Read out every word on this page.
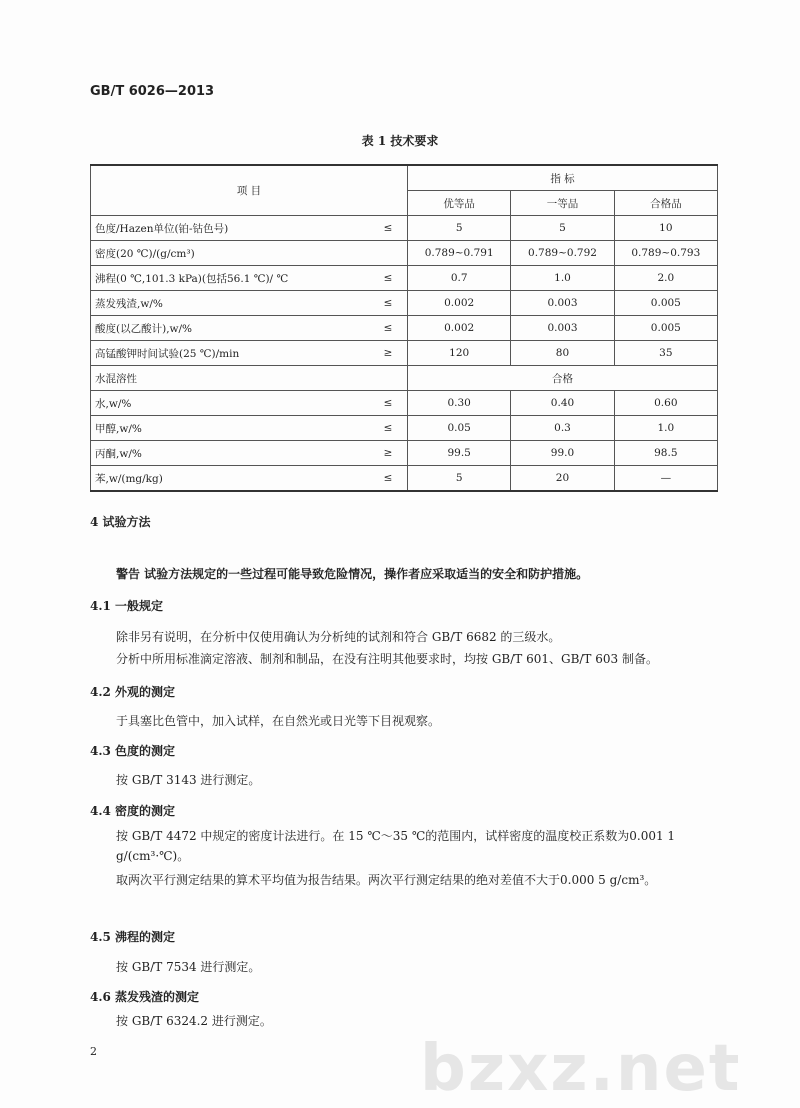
GB/T 6026—2013
bzxz.net
表 1 技术要求
项 目		指 标		
		优等品	一等品	合格品
色度/Hazen单位(铂-钴色号)	≤	5	5	10
密度(20 ℃)/(g/cm³)		0.789~0.791	0.789~0.792	0.789~0.793
沸程(0 ℃,101.3 kPa)(包括56.1 ℃)/ ℃	≤	0.7	1.0	2.0
蒸发残渣,w/%	≤	0.002	0.003	0.005
酸度(以乙酸计),w/%	≤	0.002	0.003	0.005
高锰酸钾时间试验(25 ℃)/min	≥	120	80	35
水混溶性		合格		
水,w/%	≤	0.30	0.40	0.60
甲醇,w/%	≤	0.05	0.3	1.0
丙酮,w/%	≥	99.5	99.0	98.5
苯,w/(mg/kg)	≤	5	20	—
4 试验方法
警告 试验方法规定的一些过程可能导致危险情况，操作者应采取适当的安全和防护措施。
4.1 一般规定
除非另有说明，在分析中仅使用确认为分析纯的试剂和符合 GB/T 6682 的三级水。
分析中所用标准滴定溶液、制剂和制品，在没有注明其他要求时，均按 GB/T 601、GB/T 603 制备。
4.2 外观的测定
于具塞比色管中，加入试样，在自然光或日光等下目视观察。
4.3 色度的测定
按 GB/T 3143 进行测定。
4.4 密度的测定
按 GB/T 4472 中规定的密度计法进行。在 15 ℃～35 ℃的范围内，试样密度的温度校正系数为0.001 1 g/(cm³·℃)。
取两次平行测定结果的算术平均值为报告结果。两次平行测定结果的绝对差值不大于0.000 5 g/cm³。
4.5 沸程的测定
按 GB/T 7534 进行测定。
4.6 蒸发残渣的测定
按 GB/T 6324.2 进行测定。
2
